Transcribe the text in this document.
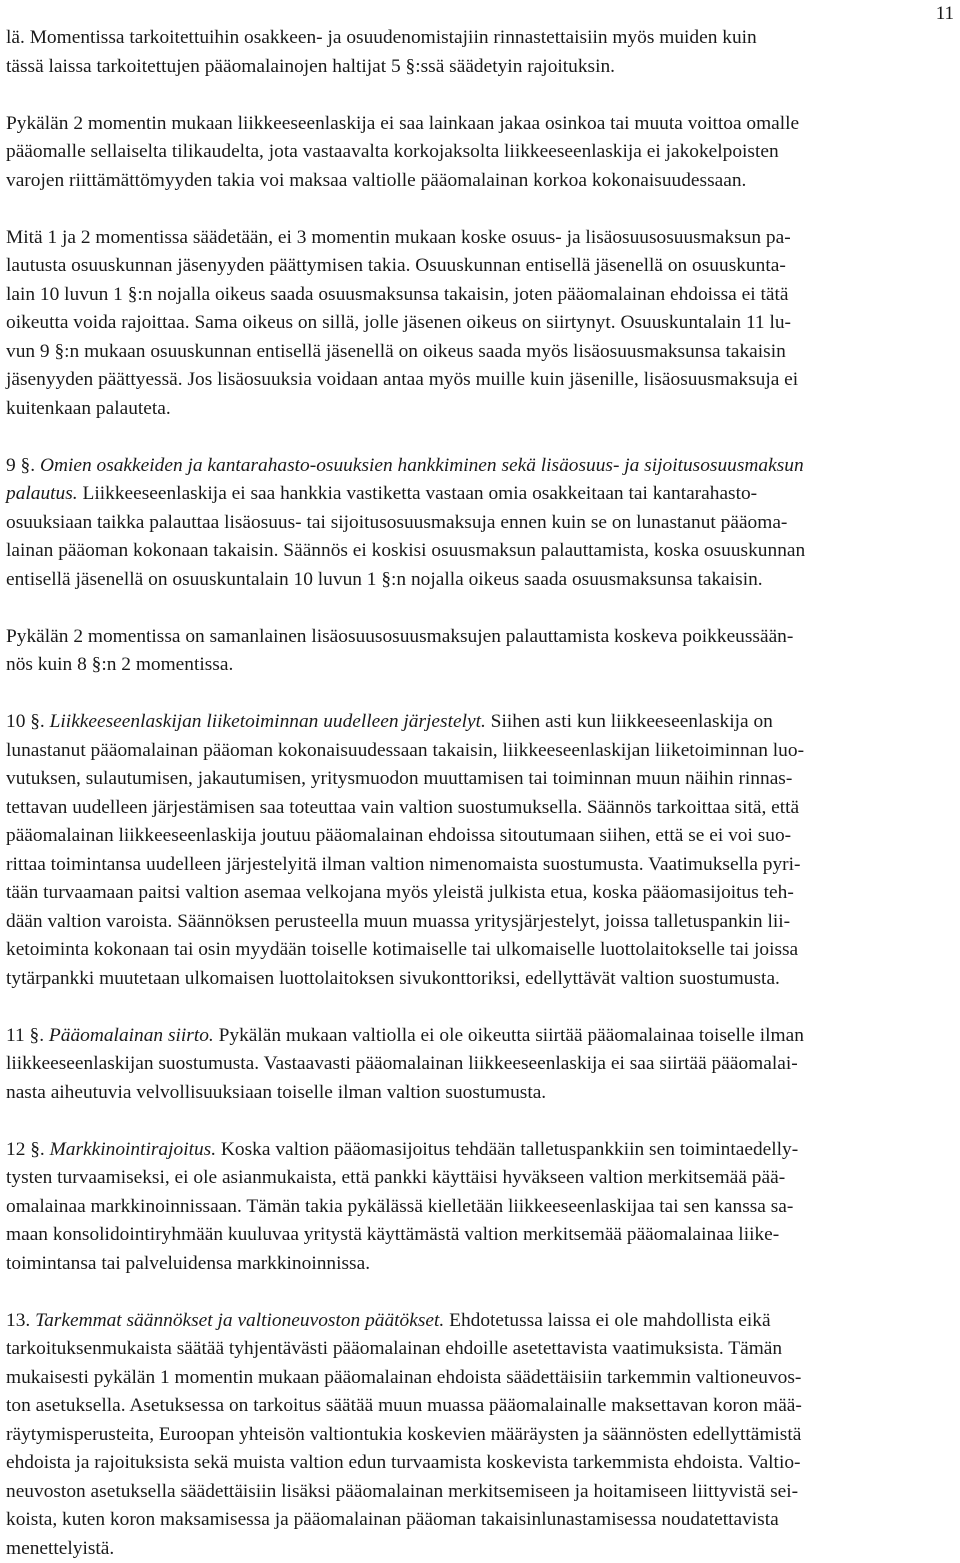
11

lä. Momentissa tarkoitettuihin osakkeen- ja osuudenomistajiin rinnastettaisiin myös muiden kuin
tässä laissa tarkoitettujen pääomalainojen haltijat 5 §:ssä säädetyin rajoituksin.

Pykälän 2 momentin mukaan liikkeeseenlaskija ei saa lainkaan jakaa osinkoa tai muuta voittoa omalle
pääomalle sellaiselta tilikaudelta, jota vastaavalta korkojaksolta liikkeeseenlaskija ei jakokelpoisten
varojen riittämättömyyden takia voi maksaa valtiolle pääomalainan korkoa kokonaisuudessaan.

Mitä 1 ja 2 momentissa säädetään, ei 3 momentin mukaan koske osuus- ja lisäosuusosuusmaksun pa-
lautusta osuuskunnan jäsenyyden päättymisen takia. Osuuskunnan entisellä jäsenellä on osuuskunta-
lain 10 luvun 1 §:n nojalla oikeus saada osuusmaksunsa takaisin, joten pääomalainan ehdoissa ei tätä
oikeutta voida rajoittaa. Sama oikeus on sillä, jolle jäsenen oikeus on siirtynyt. Osuuskuntalain 11 lu-
vun 9 §:n mukaan osuuskunnan entisellä jäsenellä on oikeus saada myös lisäosuusmaksunsa takaisin
jäsenyyden päättyessä. Jos lisäosuuksia voidaan antaa myös muille kuin jäsenille, lisäosuusmaksuja ei
kuitenkaan palauteta.

9 §. Omien osakkeiden ja kantarahasto-osuuksien hankkiminen sekä lisäosuus- ja sijoitusosuusmaksun
palautus. Liikkeeseenlaskija ei saa hankkia vastiketta vastaan omia osakkeitaan tai kantarahasto-
osuuksiaan taikka palauttaa lisäosuus- tai sijoitusosuusmaksuja ennen kuin se on lunastanut pääoma-
lainan pääoman kokonaan takaisin. Säännös ei koskisi osuusmaksun palauttamista, koska osuuskunnan
entisellä jäsenellä on osuuskuntalain 10 luvun 1 §:n nojalla oikeus saada osuusmaksunsa takaisin.

Pykälän 2 momentissa on samanlainen lisäosuusosuusmaksujen palauttamista koskeva poikkeussään-
nös kuin 8 §:n 2 momentissa.

10 §. Liikkeeseenlaskijan liiketoiminnan uudelleen järjestelyt. Siihen asti kun liikkeeseenlaskija on
lunastanut pääomalainan pääoman kokonaisuudessaan takaisin, liikkeeseenlaskijan liiketoiminnan luo-
vutuksen, sulautumisen, jakautumisen, yritysmuodon muuttamisen tai toiminnan muun näihin rinnas-
tettavan uudelleen järjestämisen saa toteuttaa vain valtion suostumuksella. Säännös tarkoittaa sitä, että
pääomalainan liikkeeseenlaskija joutuu pääomalainan ehdoissa sitoutumaan siihen, että se ei voi suo-
rittaa toimintansa uudelleen järjestelyitä ilman valtion nimenomaista suostumusta. Vaatimuksella pyri-
tään turvaamaan paitsi valtion asemaa velkojana myös yleistä julkista etua, koska pääomasijoitus teh-
dään valtion varoista. Säännöksen perusteella muun muassa yritysjärjestelyt, joissa talletuspankin lii-
ketoiminta kokonaan tai osin myydään toiselle kotimaiselle tai ulkomaiselle luottolaitokselle tai joissa
tytärpankki muutetaan ulkomaisen luottolaitoksen sivukonttoriksi, edellyttävät valtion suostumusta.

11 §. Pääomalainan siirto. Pykälän mukaan valtiolla ei ole oikeutta siirtää pääomalainaa toiselle ilman
liikkeeseenlaskijan suostumusta. Vastaavasti pääomalainan liikkeeseenlaskija ei saa siirtää pääomalai-
nasta aiheutuvia velvollisuuksiaan toiselle ilman valtion suostumusta.

12 §. Markkinointirajoitus. Koska valtion pääomasijoitus tehdään talletuspankkiin sen toimintaedelly-
tysten turvaamiseksi, ei ole asianmukaista, että pankki käyttäisi hyväkseen valtion merkitsemää pää-
omalainaa markkinoinnissaan. Tämän takia pykälässä kielletään liikkeeseenlaskijaa tai sen kanssa sa-
maan konsolidointiryhmään kuuluvaa yritystä käyttämästä valtion merkitsemää pääomalainaa liike-
toimintansa tai palveluidensa markkinoinnissa.

13. Tarkemmat säännökset ja valtioneuvoston päätökset. Ehdotetussa laissa ei ole mahdollista eikä
tarkoituksenmukaista säätää tyhjentävästi pääomalainan ehdoille asetettavista vaatimuksista. Tämän
mukaisesti pykälän 1 momentin mukaan pääomalainan ehdoista säädettäisiin tarkemmin valtioneuvos-
ton asetuksella. Asetuksessa on tarkoitus säätää muun muassa pääomalainalle maksettavan koron mää-
räytymisperusteita, Euroopan yhteisön valtiontukia koskevien määräysten ja säännösten edellyttämistä
ehdoista ja rajoituksista sekä muista valtion edun turvaamista koskevista tarkemmista ehdoista. Valtio-
neuvoston asetuksella säädettäisiin lisäksi pääomalainan merkitsemiseen ja hoitamiseen liittyvistä sei-
koista, kuten koron maksamisessa ja pääomalainan pääoman takaisinlunastamisessa noudatettavista
menettelyistä.
